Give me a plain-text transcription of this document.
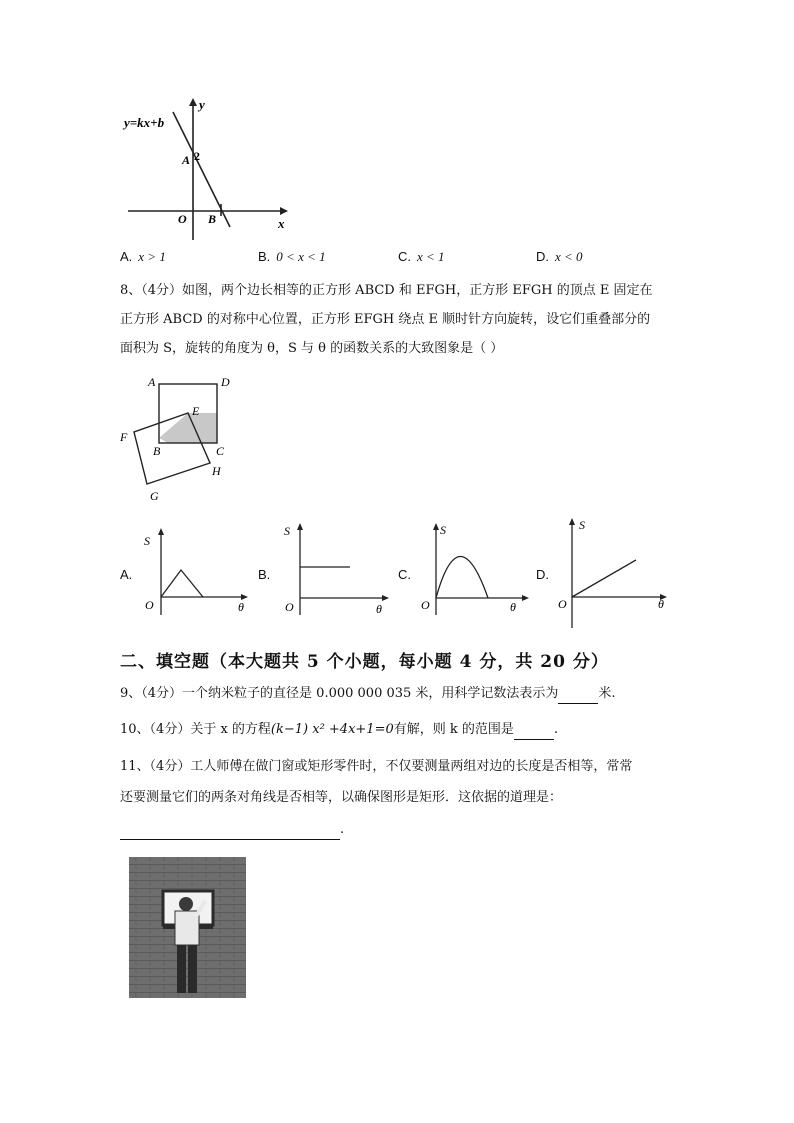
y=kx+b
y
x
O
A 2
B
A. x > 1	B. 0 < x < 1	C. x < 1	D. x < 0
8、（4分）如图，两个边长相等的正方形 ABCD 和 EFGH，正方形 EFGH 的顶点 E 固定在
正方形 ABCD 的对称中心位置，正方形 EFGH 绕点 E 顺时针方向旋转，设它们重叠部分的
面积为 S，旋转的角度为 θ，S 与 θ 的函数关系的大致图象是（ ）
A	D
E
F
B	C
H
G
A.
S
O	θ
B.
S
O	θ
C.
S
O	θ
D.
S
O	θ
二、填空题（本大题共 5 个小题，每小题 4 分，共 20 分）
9、（4分）一个纳米粒子的直径是 0.000 000 035 米，用科学记数法表示为	米.
10、（4分）关于 x 的方程(k−1) x² +4x+1=0有解，则 k 的范围是	.
11、（4分）工人师傅在做门窗或矩形零件时，不仅要测量两组对边的长度是否相等，常常
还要测量它们的两条对角线是否相等，以确保图形是矩形．这依据的道理是：
.
